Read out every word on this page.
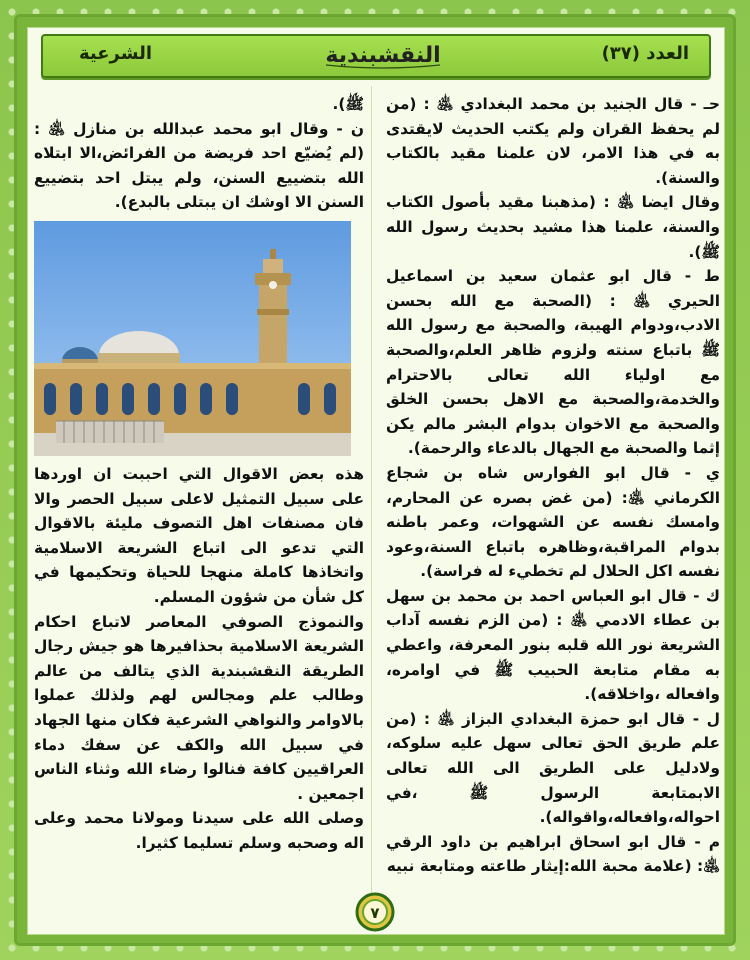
العدد (٣٧)
النقشبندية
الشرعية

حـ - قال الجنيد بن محمد البغدادي ﵁ : (من لم يحفظ القران ولم يكتب الحديث لايقتدى به في هذا الامر، لان علمنا مقيد بالكتاب والسنة).

وقال ايضا ﵁ : (مذهبنا مقيد بأصول الكتاب والسنة، علمنا هذا مشيد بحديث رسول الله ﷺ).

ط - قال ابو عثمان سعيد بن اسماعيل الحيري ﵁ : (الصحبة مع الله بحسن الادب،ودوام الهيبة، والصحبة مع رسول الله ﷺ باتباع سنته ولزوم ظاهر العلم،والصحبة مع اولياء الله تعالى بالاحترام والخدمة،والصحبة مع الاهل بحسن الخلق والصحبة مع الاخوان بدوام البشر مالم يكن إثما والصحبة مع الجهال بالدعاء والرحمة).

ي - قال ابو الفوارس شاه بن شجاع الكرماني ﵁: (من غض بصره عن المحارم، وامسك نفسه عن الشهوات، وعمر باطنه بدوام المراقبة،وظاهره باتباع السنة،وعود نفسه اكل الحلال لم تخطيء له فراسة).

ك - قال ابو العباس احمد بن محمد بن سهل بن عطاء الادمي ﵁ : (من الزم نفسه آداب الشريعة نور الله قلبه بنور المعرفة، واعطي به مقام متابعة الحبيب ﷺ في اوامره، وافعاله ،واخلاقه).

ل - قال ابو حمزة البغدادي البزاز ﵁ : (من علم طريق الحق تعالى سهل عليه سلوكه، ولادليل على الطريق الى الله تعالى الابمتابعة الرسول ﷺ ،في احواله،وافعاله،واقواله).

م - قال ابو اسحاق ابراهيم بن داود الرقي ﵁: (علامة محبة الله:إيثار طاعته ومتابعة نبيه

ﷺ).

ن - وقال ابو محمد عبدالله بن منازل ﵁ : (لم يُضيّع احد فريضة من الفرائض،الا ابتلاه الله بتضييع السنن، ولم يبتل احد بتضييع السنن الا اوشك ان يبتلى بالبدع).

هذه بعض الاقوال التي احببت ان اوردها على سبيل التمثيل لاعلى سبيل الحصر والا فان مصنفات اهل التصوف مليئة بالاقوال التي تدعو الى اتباع الشريعة الاسلامية واتخاذها كاملة منهجا للحياة وتحكيمها في كل شأن من شؤون المسلم.

والنموذج الصوفي المعاصر لاتباع احكام الشريعة الاسلامية بحذافيرها هو جيش رجال الطريقة النقشبندية الذي يتالف من عالم وطالب علم ومجالس لهم ولذلك عملوا بالاوامر والنواهي الشرعية فكان منها الجهاد في سبيل الله والكف عن سفك دماء العراقيين كافة فنالوا رضاء الله وثناء الناس اجمعين .

وصلى الله على سيدنا ومولانا محمد وعلى اله وصحبه وسلم تسليما كثيرا.

٧
